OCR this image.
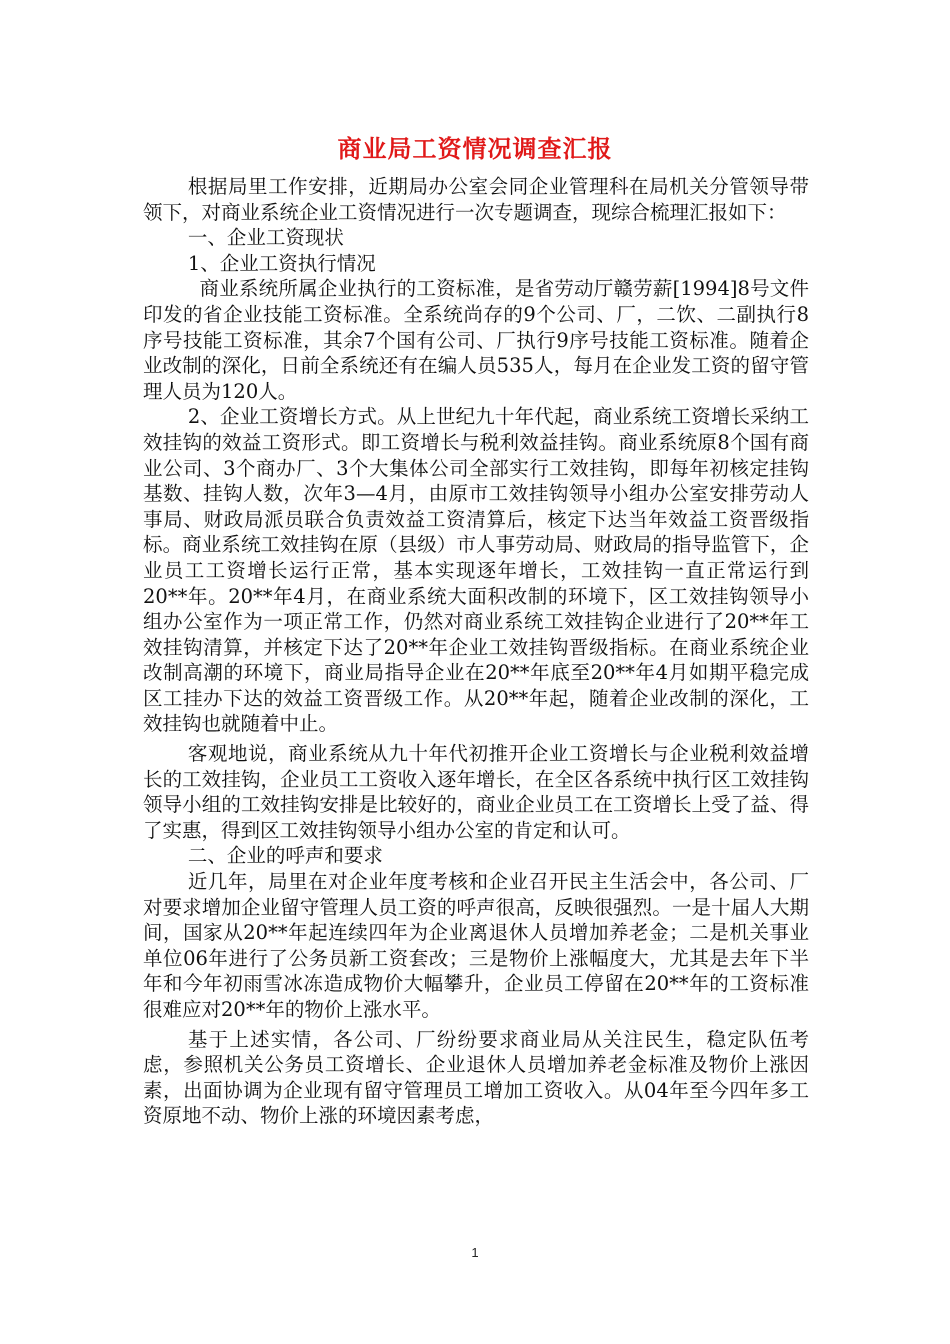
商业局工资情况调查汇报

根据局里工作安排，近期局办公室会同企业管理科在局机关分管领导带领下，对商业系统企业工资情况进行一次专题调查，现综合梳理汇报如下：

一、企业工资现状

1、企业工资执行情况

商业系统所属企业执行的工资标准，是省劳动厅赣劳薪[1994]8号文件印发的省企业技能工资标准。全系统尚存的9个公司、厂，二饮、二副执行8序号技能工资标准，其余7个国有公司、厂执行9序号技能工资标准。随着企业改制的深化，日前全系统还有在编人员535人，每月在企业发工资的留守管理人员为120人。

2、企业工资增长方式。从上世纪九十年代起，商业系统工资增长采纳工效挂钩的效益工资形式。即工资增长与税利效益挂钩。商业系统原8个国有商业公司、3个商办厂、3个大集体公司全部实行工效挂钩，即每年初核定挂钩基数、挂钩人数，次年3—4月，由原市工效挂钩领导小组办公室安排劳动人事局、财政局派员联合负责效益工资清算后，核定下达当年效益工资晋级指标。商业系统工效挂钩在原（县级）市人事劳动局、财政局的指导监管下，企业员工工资增长运行正常，基本实现逐年增长，工效挂钩一直正常运行到20**年。20**年4月，在商业系统大面积改制的环境下，区工效挂钩领导小组办公室作为一项正常工作，仍然对商业系统工效挂钩企业进行了20**年工效挂钩清算，并核定下达了20**年企业工效挂钩晋级指标。在商业系统企业改制高潮的环境下，商业局指导企业在20**年底至20**年4月如期平稳完成区工挂办下达的效益工资晋级工作。从20**年起，随着企业改制的深化，工效挂钩也就随着中止。

客观地说，商业系统从九十年代初推开企业工资增长与企业税利效益增长的工效挂钩，企业员工工资收入逐年增长，在全区各系统中执行区工效挂钩领导小组的工效挂钩安排是比较好的，商业企业员工在工资增长上受了益、得了实惠，得到区工效挂钩领导小组办公室的肯定和认可。

二、企业的呼声和要求

近几年，局里在对企业年度考核和企业召开民主生活会中，各公司、厂对要求增加企业留守管理人员工资的呼声很高，反映很强烈。一是十届人大期间，国家从20**年起连续四年为企业离退休人员增加养老金；二是机关事业单位06年进行了公务员新工资套改；三是物价上涨幅度大，尤其是去年下半年和今年初雨雪冰冻造成物价大幅攀升，企业员工停留在20**年的工资标准很难应对20**年的物价上涨水平。

基于上述实情，各公司、厂纷纷要求商业局从关注民生，稳定队伍考虑，参照机关公务员工资增长、企业退休人员增加养老金标准及物价上涨因素，出面协调为企业现有留守管理员工增加工资收入。从04年至今四年多工资原地不动、物价上涨的环境因素考虑，

1
